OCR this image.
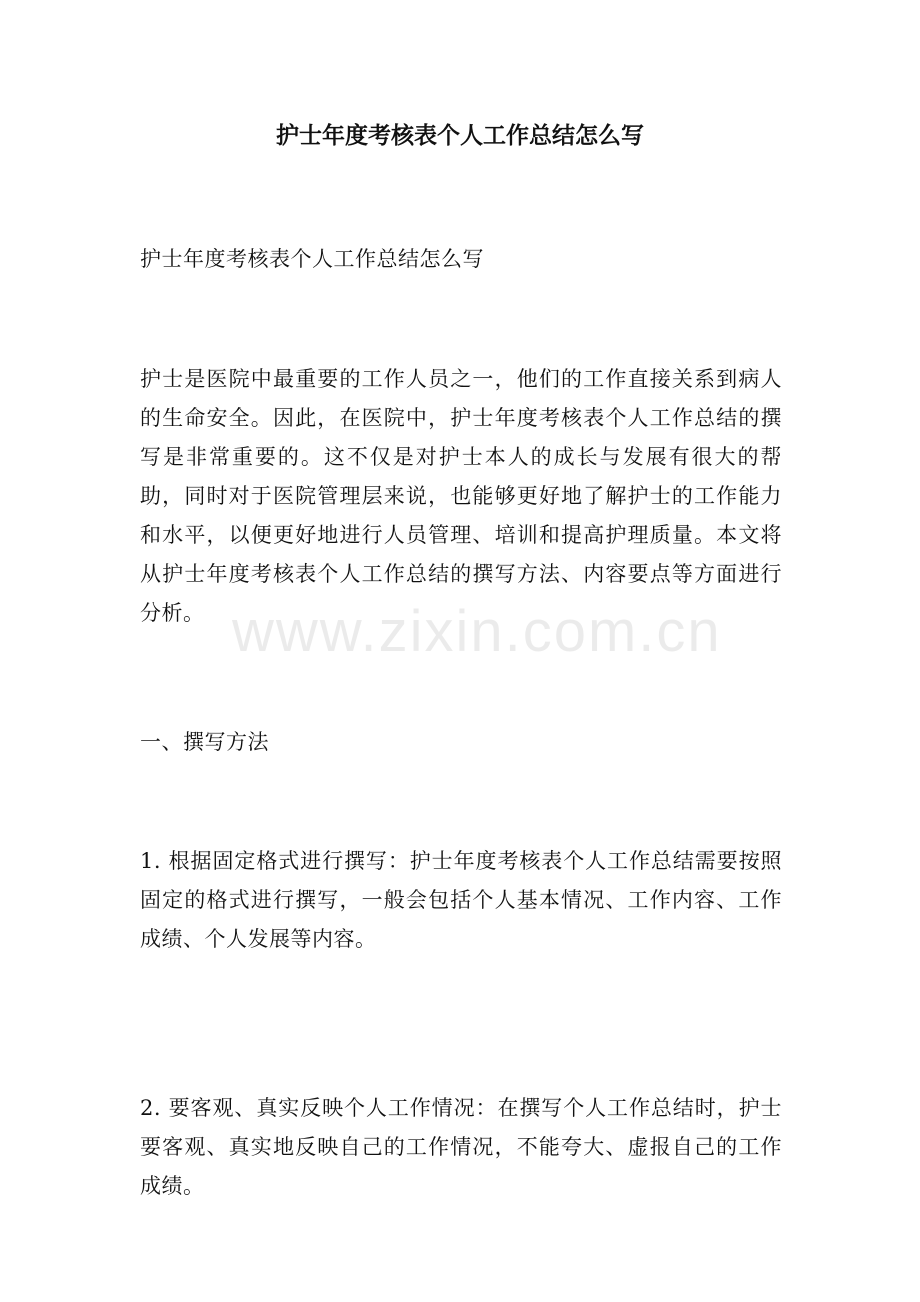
护士年度考核表个人工作总结怎么写

护士年度考核表个人工作总结怎么写

护士是医院中最重要的工作人员之一，他们的工作直接关系到病人的生命安全。因此，在医院中，护士年度考核表个人工作总结的撰写是非常重要的。这不仅是对护士本人的成长与发展有很大的帮助，同时对于医院管理层来说，也能够更好地了解护士的工作能力和水平，以便更好地进行人员管理、培训和提高护理质量。本文将从护士年度考核表个人工作总结的撰写方法、内容要点等方面进行分析。

一、撰写方法

1. 根据固定格式进行撰写：护士年度考核表个人工作总结需要按照固定的格式进行撰写，一般会包括个人基本情况、工作内容、工作成绩、个人发展等内容。

2. 要客观、真实反映个人工作情况：在撰写个人工作总结时，护士要客观、真实地反映自己的工作情况，不能夸大、虚报自己的工作成绩。

www.zixin.com.cn
